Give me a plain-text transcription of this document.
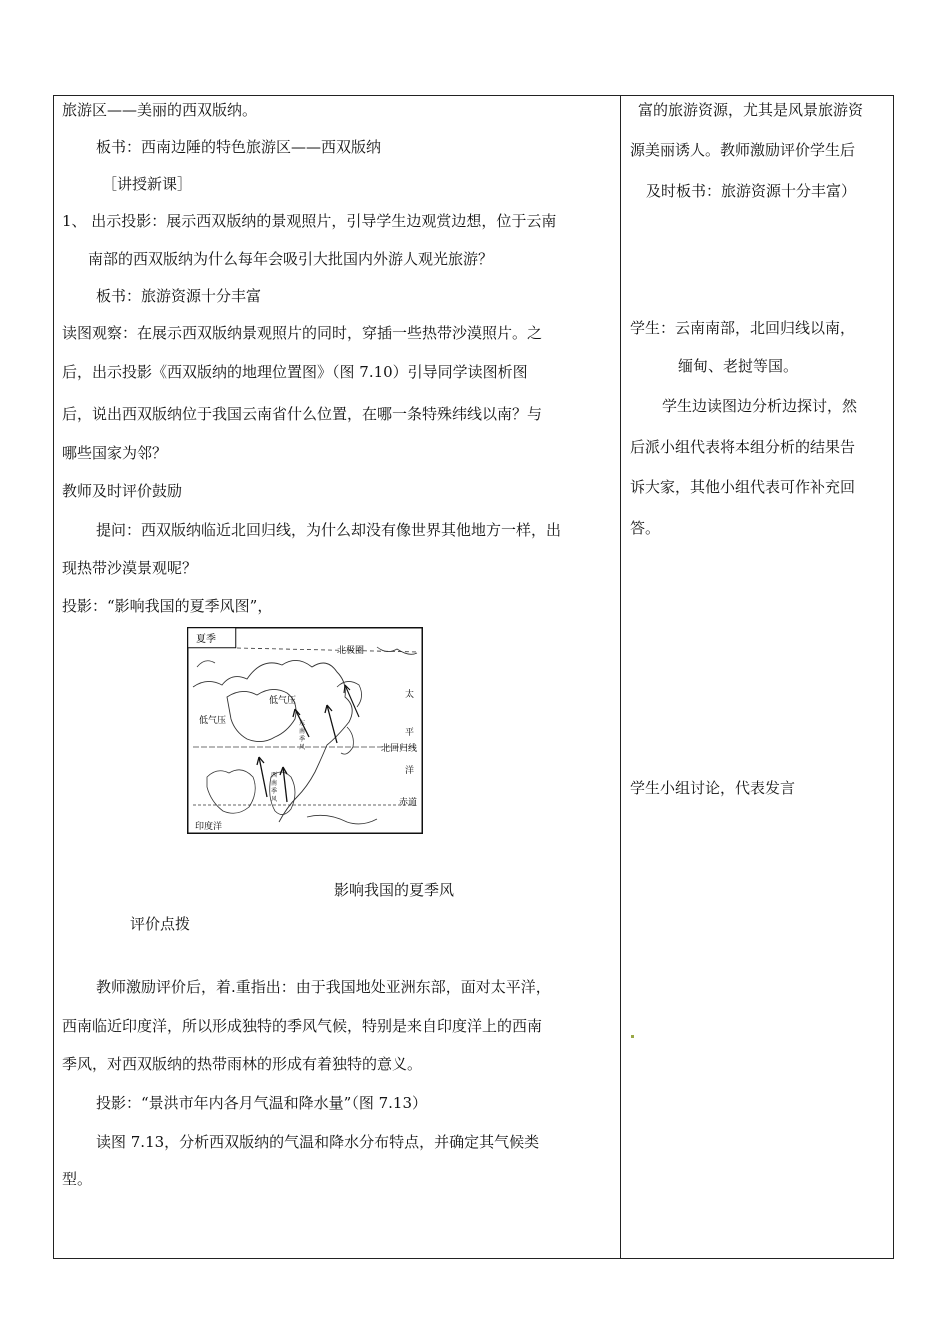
旅游区——美丽的西双版纳。
板书：西南边陲的特色旅游区——西双版纳
［讲授新课］
1、 出示投影：展示西双版纳的景观照片，引导学生边观赏边想，位于云南
南部的西双版纳为什么每年会吸引大批国内外游人观光旅游？
板书：旅游资源十分丰富
读图观察：在展示西双版纳景观照片的同时，穿插一些热带沙漠照片。之
后，出示投影《西双版纳的地理位置图》（图 7.10）引导同学读图析图
后，说出西双版纳位于我国云南省什么位置，在哪一条特殊纬线以南？与
哪些国家为邻？
教师及时评价鼓励
提问：西双版纳临近北回归线，为什么却没有像世界其他地方一样，出
现热带沙漠景观呢？
投影：“影响我国的夏季风图”，
夏季
北极圈
低气压
低气压
太
平
洋
北回归线
赤道
印度洋
东
南
季
风
西
南
季
风
影响我国的夏季风
评价点拨
教师激励评价后，着.重指出：由于我国地处亚洲东部，面对太平洋，
西南临近印度洋，所以形成独特的季风气候，特别是来自印度洋上的西南
季风，对西双版纳的热带雨林的形成有着独特的意义。
投影：“景洪市年内各月气温和降水量”（图 7.13）
读图 7.13，分析西双版纳的气温和降水分布特点，并确定其气候类
型。
富的旅游资源，尤其是风景旅游资
源美丽诱人。教师激励评价学生后
及时板书：旅游资源十分丰富）
学生：云南南部，北回归线以南，
缅甸、老挝等国。
学生边读图边分析边探讨，然
后派小组代表将本组分析的结果告
诉大家，其他小组代表可作补充回
答。
学生小组讨论，代表发言
